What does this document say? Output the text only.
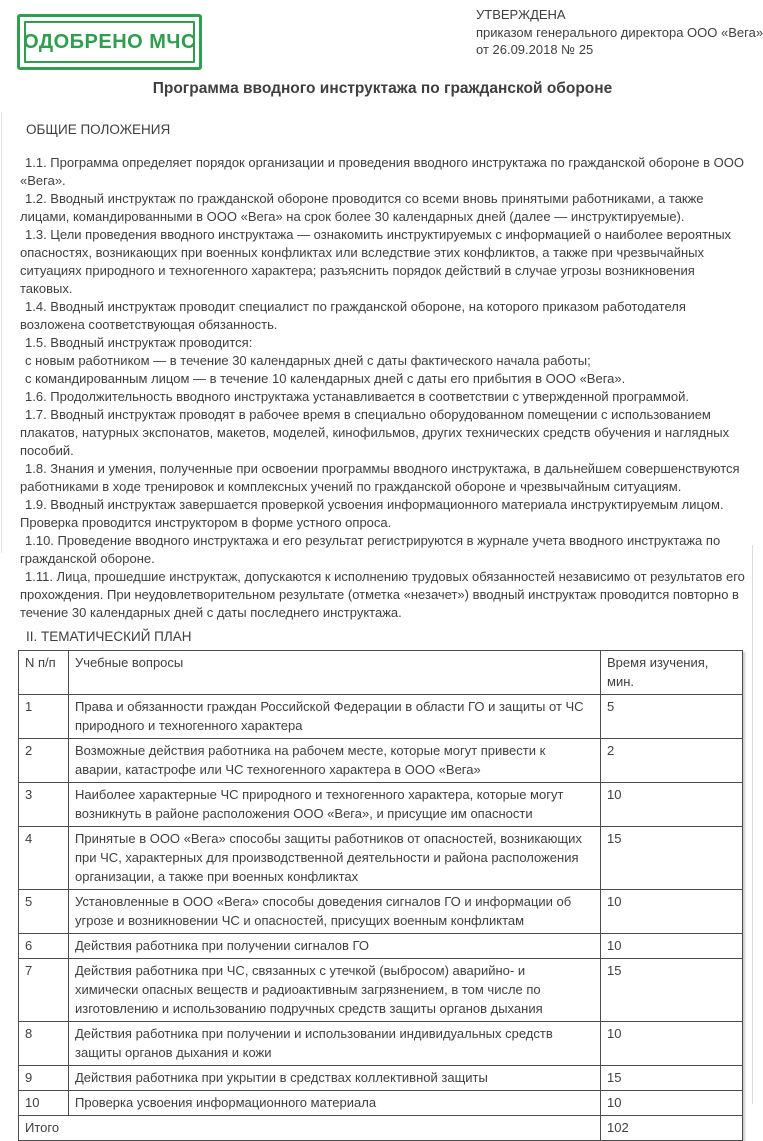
ОДОБРЕНО МЧС
УТВЕРЖДЕНА
приказом генерального директора ООО «Вега»
от 26.09.2018 № 25
Программа вводного инструктажа по гражданской обороне
ОБЩИЕ ПОЛОЖЕНИЯ

1.1. Программа определяет порядок организации и проведения вводного инструктажа по гражданской обороне в ООО «Вега».

1.2. Вводный инструктаж по гражданской обороне проводится со всеми вновь принятыми работниками, а также лицами, командированными в ООО «Вега» на срок более 30 календарных дней (далее — инструктируемые).

1.3. Цели проведения вводного инструктажа — ознакомить инструктируемых с информацией о наиболее вероятных опасностях, возникающих при военных конфликтах или вследствие этих конфликтов, а также при чрезвычайных ситуациях природного и техногенного характера; разъяснить порядок действий в случае угрозы возникновения таковых.

1.4. Вводный инструктаж проводит специалист по гражданской обороне, на которого приказом работодателя возложена соответствующая обязанность.

1.5. Вводный инструктаж проводится:

с новым работником — в течение 30 календарных дней с даты фактического начала работы;

с командированным лицом — в течение 10 календарных дней с даты его прибытия в ООО «Вега».

1.6. Продолжительность вводного инструктажа устанавливается в соответствии с утвержденной программой.

1.7. Вводный инструктаж проводят в рабочее время в специально оборудованном помещении с использованием плакатов, натурных экспонатов, макетов, моделей, кинофильмов, других технических средств обучения и наглядных пособий.

1.8. Знания и умения, полученные при освоении программы вводного инструктажа, в дальнейшем совершенствуются работниками в ходе тренировок и комплексных учений по гражданской обороне и чрезвычайным ситуациям.

1.9. Вводный инструктаж завершается проверкой усвоения информационного материала инструктируемым лицом. Проверка проводится инструктором в форме устного опроса.

1.10. Проведение вводного инструктажа и его результат регистрируются в журнале учета вводного инструктажа по гражданской обороне.

1.11. Лица, прошедшие инструктаж, допускаются к исполнению трудовых обязанностей независимо от результатов его прохождения. При неудовлетворительном результате (отметка «незачет») вводный инструктаж проводится повторно в течение 30 календарных дней с даты последнего инструктажа.

II. ТЕМАТИЧЕСКИЙ ПЛАН
N п/п	Учебные вопросы	Время изучения, мин.
1	Права и обязанности граждан Российской Федерации в области ГО и защиты от ЧС природного и техногенного характера	5
2	Возможные действия работника на рабочем месте, которые могут привести к аварии, катастрофе или ЧС техногенного характера в ООО «Вега»	2
3	Наиболее характерные ЧС природного и техногенного характера, которые могут возникнуть в районе расположения ООО «Вега», и присущие им опасности	10
4	Принятые в ООО «Вега» способы защиты работников от опасностей, возникающих при ЧС, характерных для производственной деятельности и района расположения организации, а также при военных конфликтах	15
5	Установленные в ООО «Вега» способы доведения сигналов ГО и информации об угрозе и возникновении ЧС и опасностей, присущих военным конфликтам	10
6	Действия работника при получении сигналов ГО	10
7	Действия работника при ЧС, связанных с утечкой (выбросом) аварийно- и химически опасных веществ и радиоактивным загрязнением, в том числе по изготовлению и использованию подручных средств защиты органов дыхания	15
8	Действия работника при получении и использовании индивидуальных средств защиты органов дыхания и кожи	10
9	Действия работника при укрытии в средствах коллективной защиты	15
10	Проверка усвоения информационного материала	10
Итого		102
